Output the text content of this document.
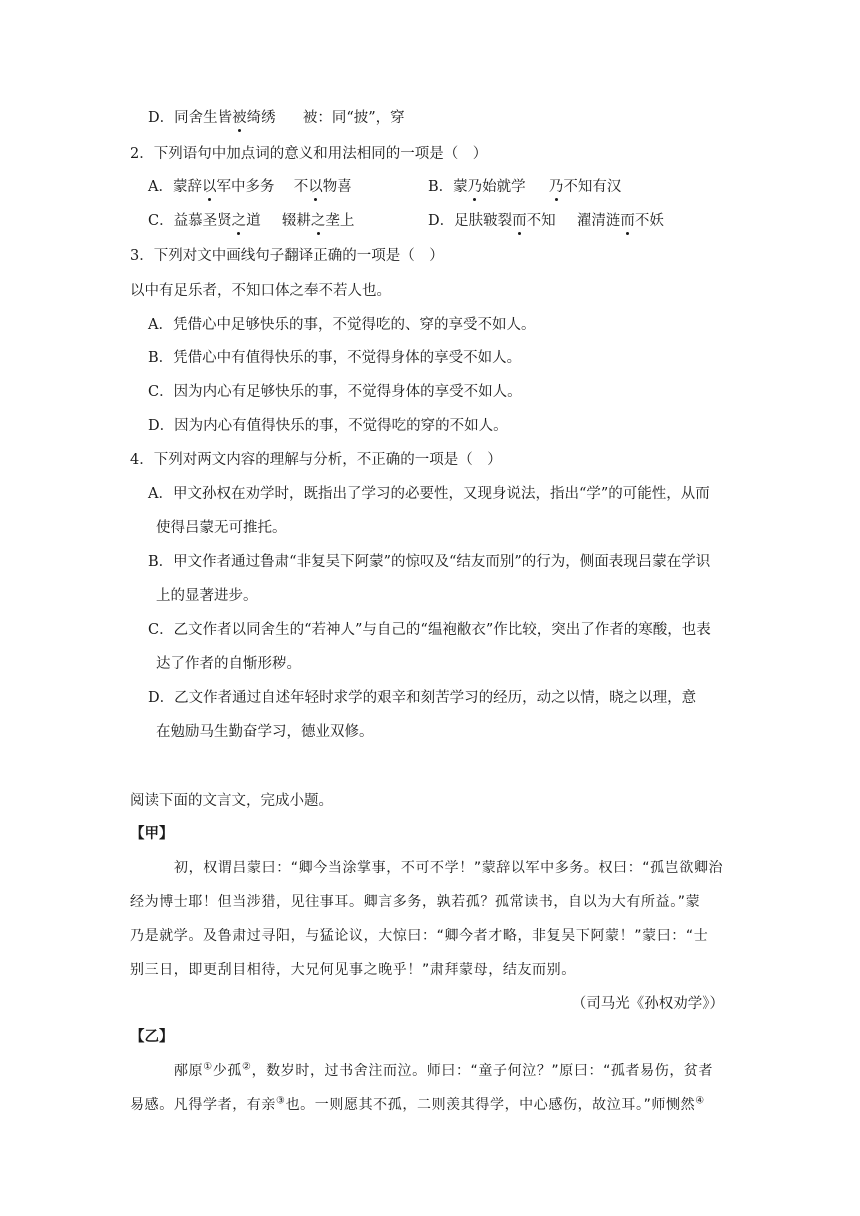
D．同舍生皆被绮绣 被：同“披”，穿
2．下列语句中加点词的意义和用法相同的一项是（　）
A．蒙辞以军中多务 不以物喜	B．蒙乃始就学 乃不知有汉
C．益慕圣贤之道 辍耕之垄上	D．足肤皲裂而不知 濯清涟而不妖
3．下列对文中画线句子翻译正确的一项是（　）
以中有足乐者，不知口体之奉不若人也。
A．凭借心中足够快乐的事，不觉得吃的、穿的享受不如人。
B．凭借心中有值得快乐的事，不觉得身体的享受不如人。
C．因为内心有足够快乐的事，不觉得身体的享受不如人。
D．因为内心有值得快乐的事，不觉得吃的穿的不如人。
4．下列对两文内容的理解与分析，不正确的一项是（　）
A．甲文孙权在劝学时，既指出了学习的必要性，又现身说法，指出“学”的可能性，从而
使得吕蒙无可推托。
B．甲文作者通过鲁肃“非复吴下阿蒙”的惊叹及“结友而别”的行为，侧面表现吕蒙在学识
上的显著进步。
C．乙文作者以同舍生的“若神人”与自己的“缊袍敝衣”作比较，突出了作者的寒酸，也表
达了作者的自惭形秽。
D．乙文作者通过自述年轻时求学的艰辛和刻苦学习的经历，动之以情，晓之以理，意
在勉励马生勤奋学习，德业双修。
阅读下面的文言文，完成小题。
【甲】
初，权谓吕蒙曰：“卿今当涂掌事，不可不学！”蒙辞以军中多务。权曰：“孤岂欲卿治
经为博士耶！但当涉猎，见往事耳。卿言多务，孰若孤？孤常读书，自以为大有所益。”蒙
乃是就学。及鲁肃过寻阳，与猛论议，大惊曰：“卿今者才略，非复吴下阿蒙！”蒙曰：“士
别三日，即更刮目相待，大兄何见事之晚乎！”肃拜蒙母，结友而别。
（司马光《孙权劝学》）
【乙】
邴原①少孤②，数岁时，过书舍注而泣。师曰：“童子何泣？”原曰：“孤者易伤，贫者
易感。凡得学者，有亲③也。一则愿其不孤，二则羡其得学，中心感伤，故泣耳。”师恻然④
